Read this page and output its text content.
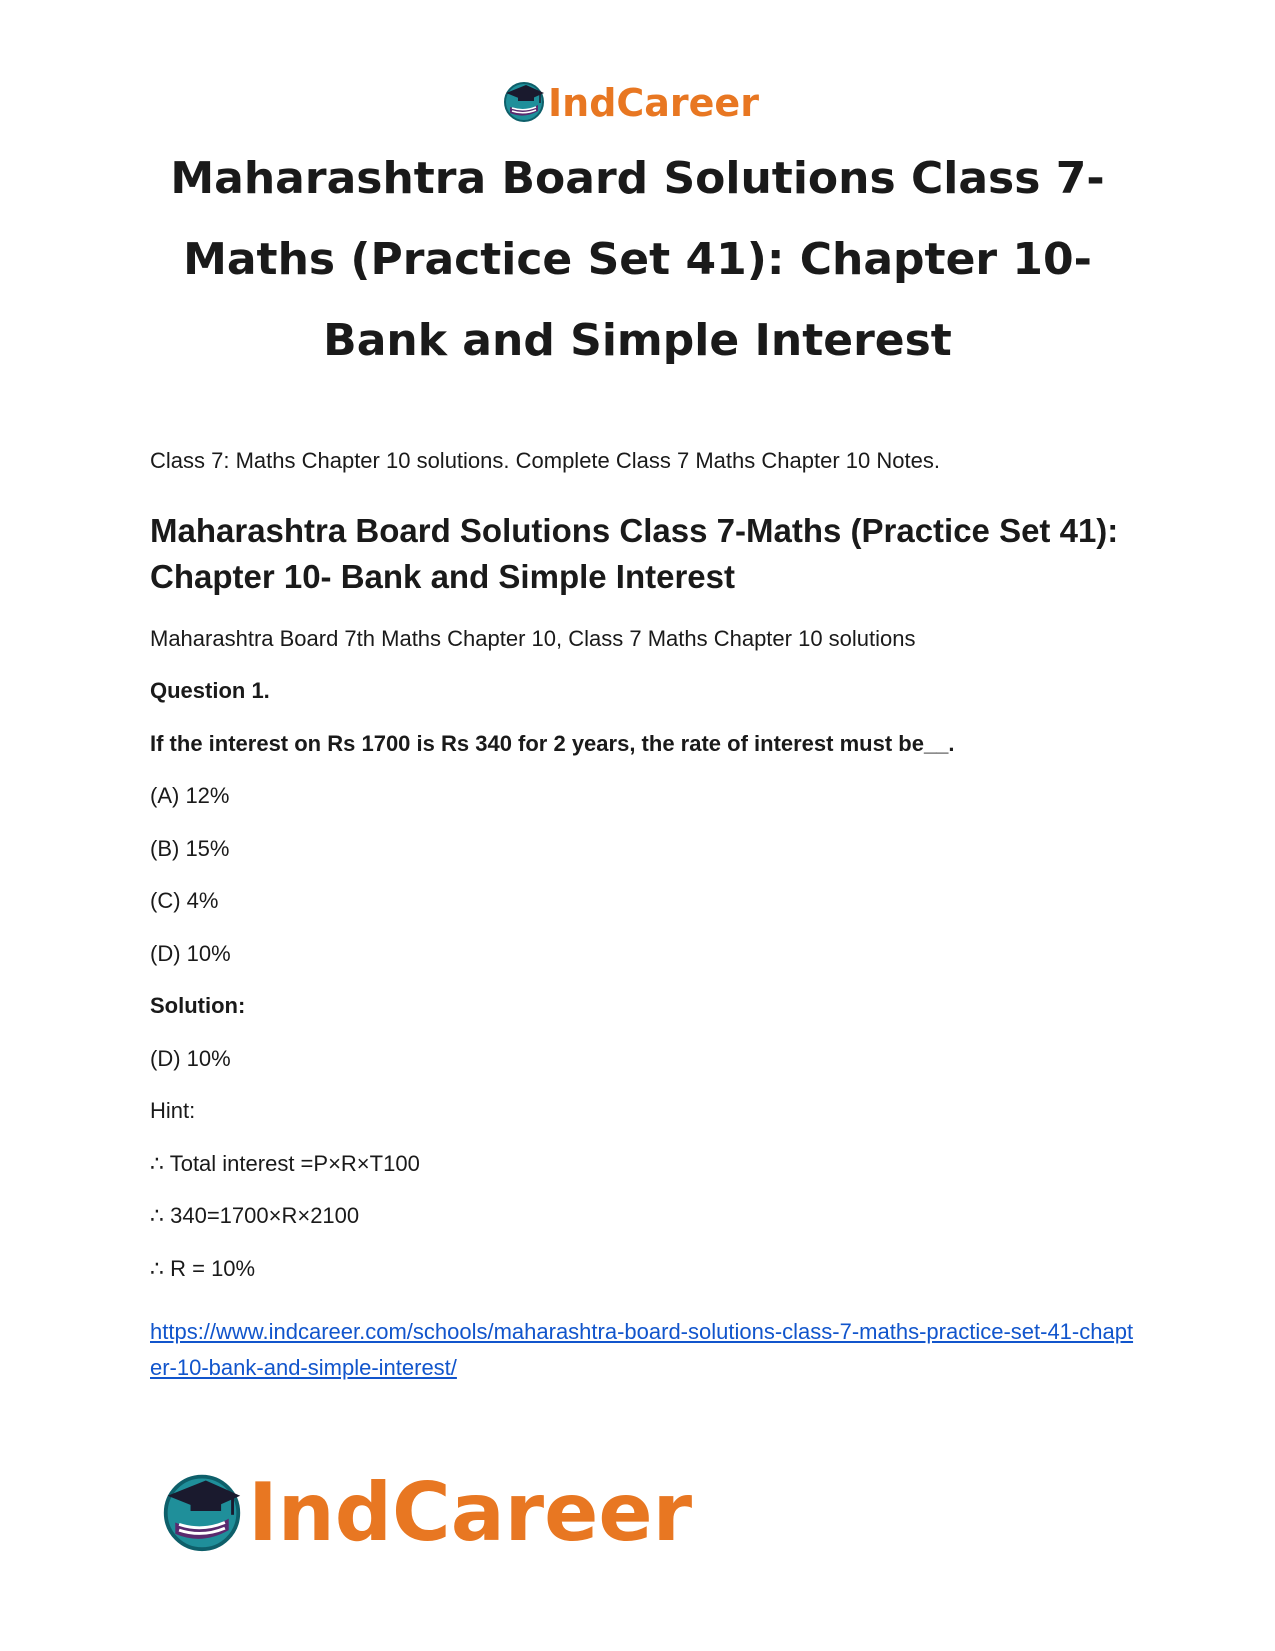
IndCareer
Maharashtra Board Solutions Class 7-Maths (Practice Set 41): Chapter 10- Bank and Simple Interest

Class 7: Maths Chapter 10 solutions. Complete Class 7 Maths Chapter 10 Notes.

Maharashtra Board Solutions Class 7-Maths (Practice Set 41): Chapter 10- Bank and Simple Interest

Maharashtra Board 7th Maths Chapter 10, Class 7 Maths Chapter 10 solutions

Question 1.

If the interest on Rs 1700 is Rs 340 for 2 years, the rate of interest must be__.

(A) 12%

(B) 15%

(C) 4%

(D) 10%

Solution:

(D) 10%

Hint:

∴ Total interest =P×R×T100

∴ 340=1700×R×2100

∴ R = 10%

https://www.indcareer.com/schools/maharashtra-board-solutions-class-7-maths-practice-set-41-chapter-10-bank-and-simple-interest/
IndCareer
